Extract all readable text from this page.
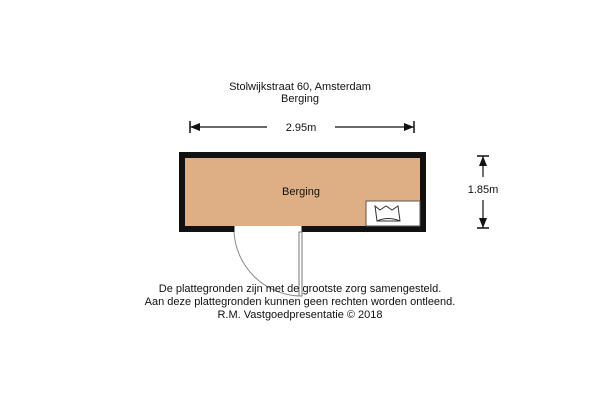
Stolwijkstraat 60, Amsterdam
Berging
2.95m
1.85m
Berging
De plattegronden zijn met de grootste zorg samengesteld.
Aan deze plattegronden kunnen geen rechten worden ontleend.
R.M. Vastgoedpresentatie © 2018
